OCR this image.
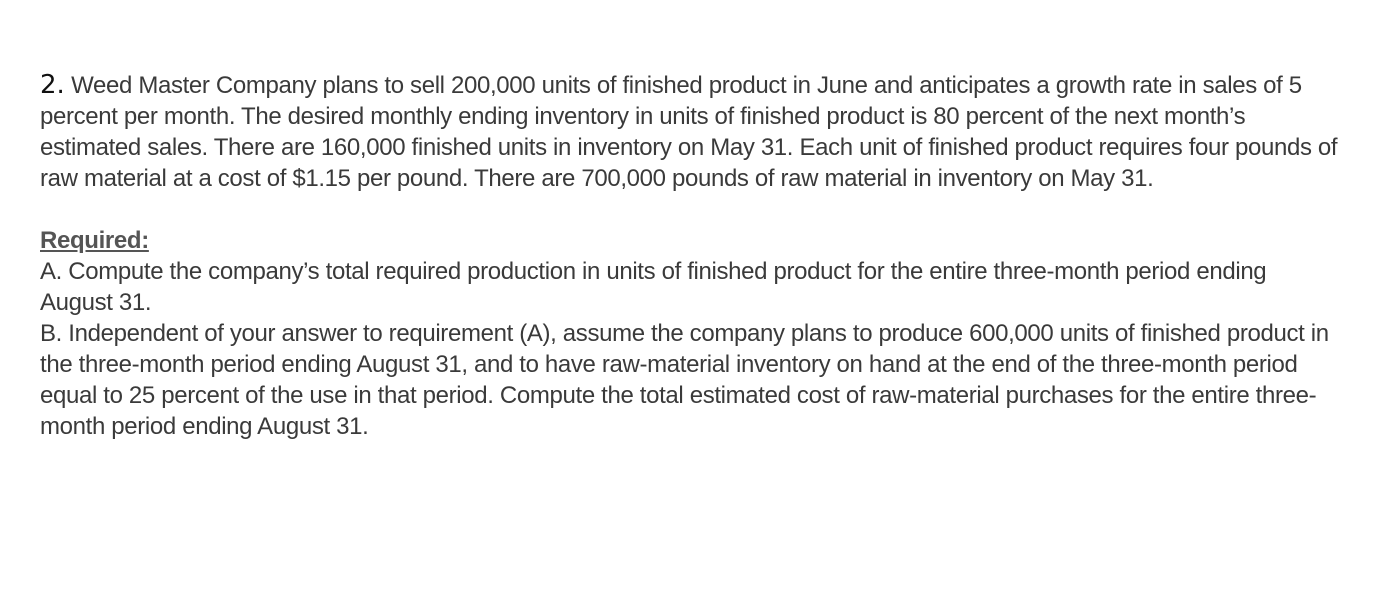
2. Weed Master Company plans to sell 200,000 units of finished product in June and anticipates a growth rate in sales of 5 percent per month. The desired monthly ending inventory in units of finished product is 80 percent of the next month’s estimated sales. There are 160,000 finished units in inventory on May 31. Each unit of finished product requires four pounds of raw material at a cost of $1.15 per pound. There are 700,000 pounds of raw material in inventory on May 31.

Required:

A. Compute the company’s total required production in units of finished product for the entire three-month period ending August 31.

B. Independent of your answer to requirement (A), assume the company plans to produce 600,000 units of finished product in the three-month period ending August 31, and to have raw-material inventory on hand at the end of the three-month period equal to 25 percent of the use in that period. Compute the total estimated cost of raw-material purchases for the entire three-month period ending August 31.
